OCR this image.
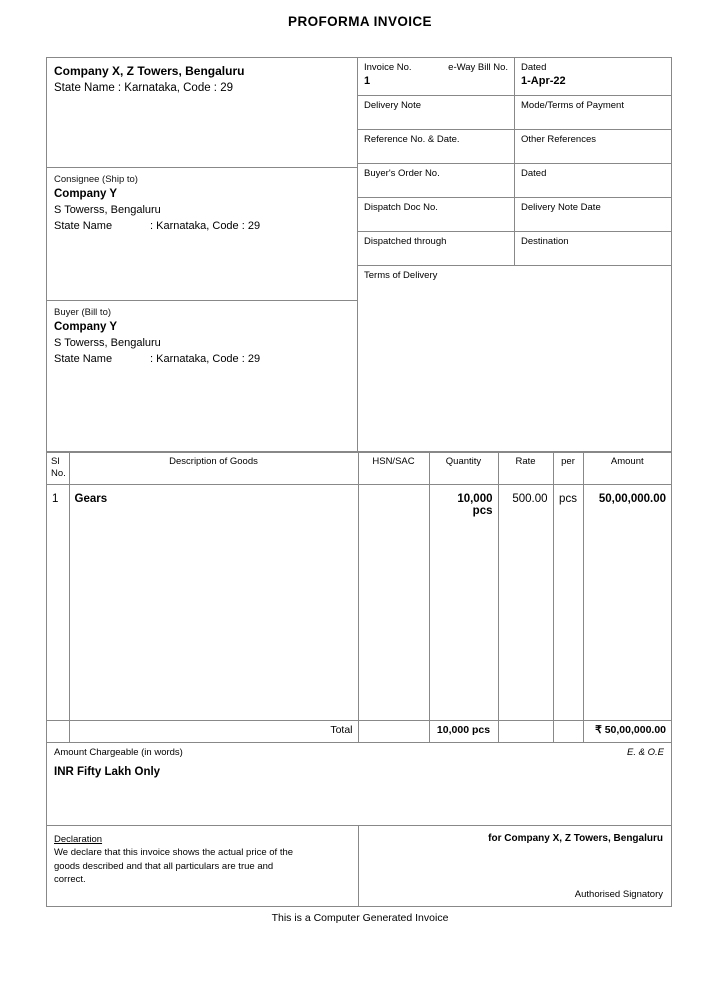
PROFORMA INVOICE
Company X, Z Towers, Bengaluru
State Name : Karnataka, Code : 29
Consignee (Ship to)
Company Y
S Towerss, Bengaluru
State Name	: Karnataka, Code : 29
Buyer (Bill to)
Company Y
S Towerss, Bengaluru
State Name	: Karnataka, Code : 29
Invoice No.	e-Way Bill No.
1
Dated
1-Apr-22
Delivery Note	Mode/Terms of Payment
Reference No. & Date.	Other References
Buyer's Order No.	Dated
Dispatch Doc No.	Delivery Note Date
Dispatched through	Destination
Terms of Delivery
Sl
No.	Description of Goods	HSN/SAC	Quantity	Rate	per	Amount
1	Gears		10,000 pcs	500.00	pcs	50,00,000.00
	Total		10,000 pcs			₹ 50,00,000.00
Amount Chargeable (in words)	E. & O.E
INR Fifty Lakh Only
Declaration
We declare that this invoice shows the actual price of the
goods described and that all particulars are true and
correct.
for Company X, Z Towers, Bengaluru
Authorised Signatory
This is a Computer Generated Invoice
